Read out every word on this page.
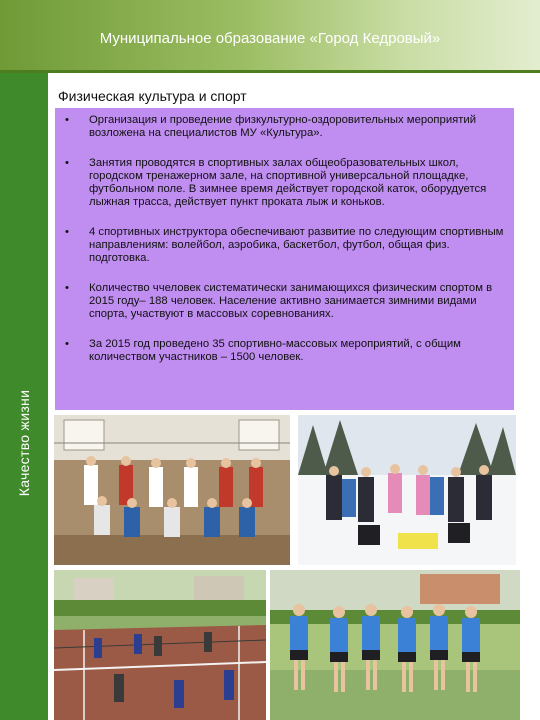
Муниципальное образование «Город Кедровый»
Качество жизни
Физическая культура и спорт
• Организация и проведение физкультурно-оздоровительных мероприятий возложена на специалистов МУ «Культура».
• Занятия проводятся в спортивных залах общеобразовательных школ, городском тренажерном зале, на спортивной универсальной площадке, футбольном поле. В зимнее время действует городской каток, оборудуется лыжная трасса, действует пункт проката лыж и коньков.
• 4 спортивных инструктора обеспечивают развитие по следующим спортивным направлениям: волейбол, аэробика, баскетбол, футбол, общая физ. подготовка.
• Количество ччеловек систематически занимающихся физическим спортом в 2015 году– 188 человек. Население активно занимается зимними видами спорта, участвуют в массовых соревнованиях.
• За 2015 год проведено 35 спортивно-массовых мероприятий, с общим количеством участников – 1500 человек.
